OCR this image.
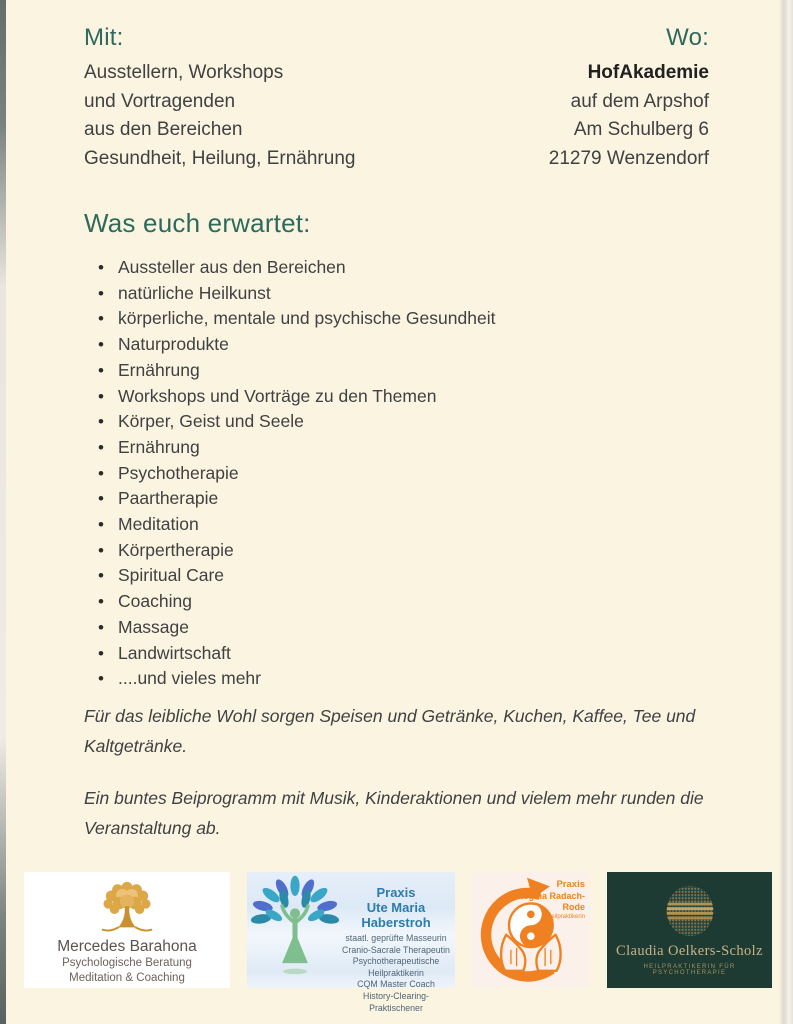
Mit:
Ausstellern, Workshops
und Vortragenden
aus den Bereichen
Gesundheit, Heilung, Ernährung
Wo:
HofAkademie
auf dem Arpshof
Am Schulberg 6
21279 Wenzendorf
Was euch erwartet:
• Aussteller aus den Bereichen
• natürliche Heilkunst
• körperliche, mentale und psychische Gesundheit
• Naturprodukte
• Ernährung
• Workshops und Vorträge zu den Themen
• Körper, Geist und Seele
• Ernährung
• Psychotherapie
• Paartherapie
• Meditation
• Körpertherapie
• Spiritual Care
• Coaching
• Massage
• Landwirtschaft
• ....und vieles mehr
Für das leibliche Wohl sorgen Speisen und Getränke, Kuchen, Kaffee, Tee und
Kaltgetränke.
Ein buntes Beiprogramm mit Musik, Kinderaktionen und vielem mehr runden die
Veranstaltung ab.
Mercedes Barahona
Psychologische Beratung
Meditation & Coaching
Praxis
Ute Maria Haberstroh
staatl. geprüfte Masseurin
Cranio-Sacrale Therapeutin
Psychotherapeutische Heilpraktikerin
CQM Master Coach
History-Clearing-Praktischener
Praxis
Regina Radach-Rode
Heilpraktikerin
Claudia Oelkers-Scholz
HEILPRAKTIKERIN FÜR PSYCHOTHERAPIE
